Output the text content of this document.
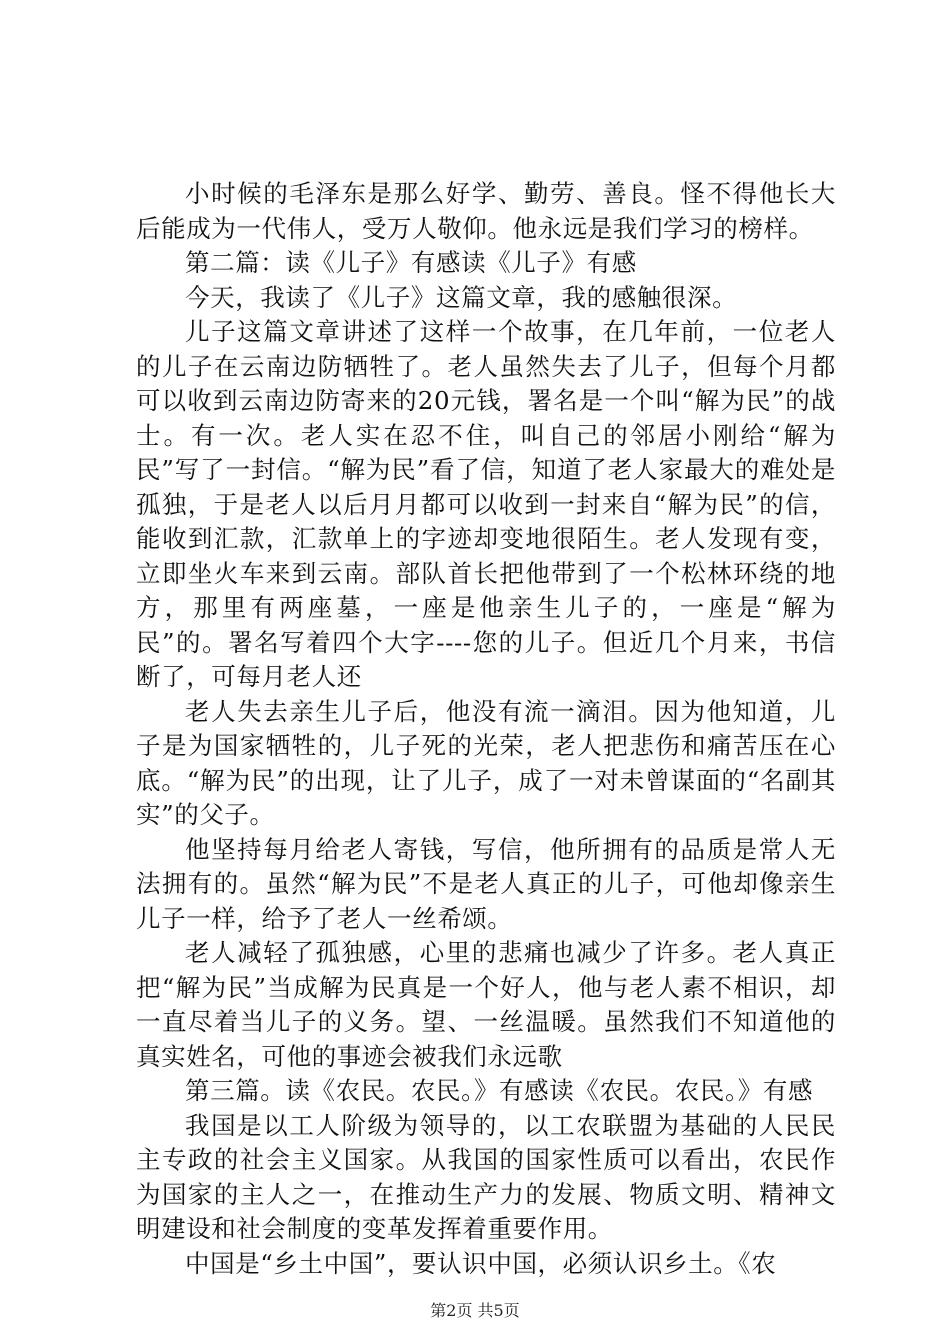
小时候的毛泽东是那么好学、勤劳、善良。怪不得他长大后能成为一代伟人，受万人敬仰。他永远是我们学习的榜样。

第二篇：读《儿子》有感读《儿子》有感

今天，我读了《儿子》这篇文章，我的感触很深。

儿子这篇文章讲述了这样一个故事，在几年前，一位老人的儿子在云南边防牺牲了。老人虽然失去了儿子，但每个月都可以收到云南边防寄来的20元钱，署名是一个叫“解为民”的战士。有一次。老人实在忍不住，叫自己的邻居小刚给“解为民”写了一封信。“解为民”看了信，知道了老人家最大的难处是孤独，于是老人以后月月都可以收到一封来自“解为民”的信，能收到汇款，汇款单上的字迹却变地很陌生。老人发现有变，立即坐火车来到云南。部队首长把他带到了一个松林环绕的地方，那里有两座墓，一座是他亲生儿子的，一座是“解为民”的。署名写着四个大字----您的儿子。但近几个月来，书信断了，可每月老人还

老人失去亲生儿子后，他没有流一滴泪。因为他知道，儿子是为国家牺牲的，儿子死的光荣，老人把悲伤和痛苦压在心底。“解为民”的出现，让了儿子，成了一对未曾谋面的“名副其实”的父子。

他坚持每月给老人寄钱，写信，他所拥有的品质是常人无法拥有的。虽然“解为民”不是老人真正的儿子，可他却像亲生儿子一样，给予了老人一丝希颂。

老人减轻了孤独感，心里的悲痛也减少了许多。老人真正把“解为民”当成解为民真是一个好人，他与老人素不相识，却一直尽着当儿子的义务。望、一丝温暖。虽然我们不知道他的真实姓名，可他的事迹会被我们永远歌

第三篇。读《农民。农民。》有感读《农民。农民。》有感

我国是以工人阶级为领导的，以工农联盟为基础的人民民主专政的社会主义国家。从我国的国家性质可以看出，农民作为国家的主人之一，在推动生产力的发展、物质文明、精神文明建设和社会制度的变革发挥着重要作用。

中国是“乡土中国”，要认识中国，必须认识乡土。《农

第2页 共5页
